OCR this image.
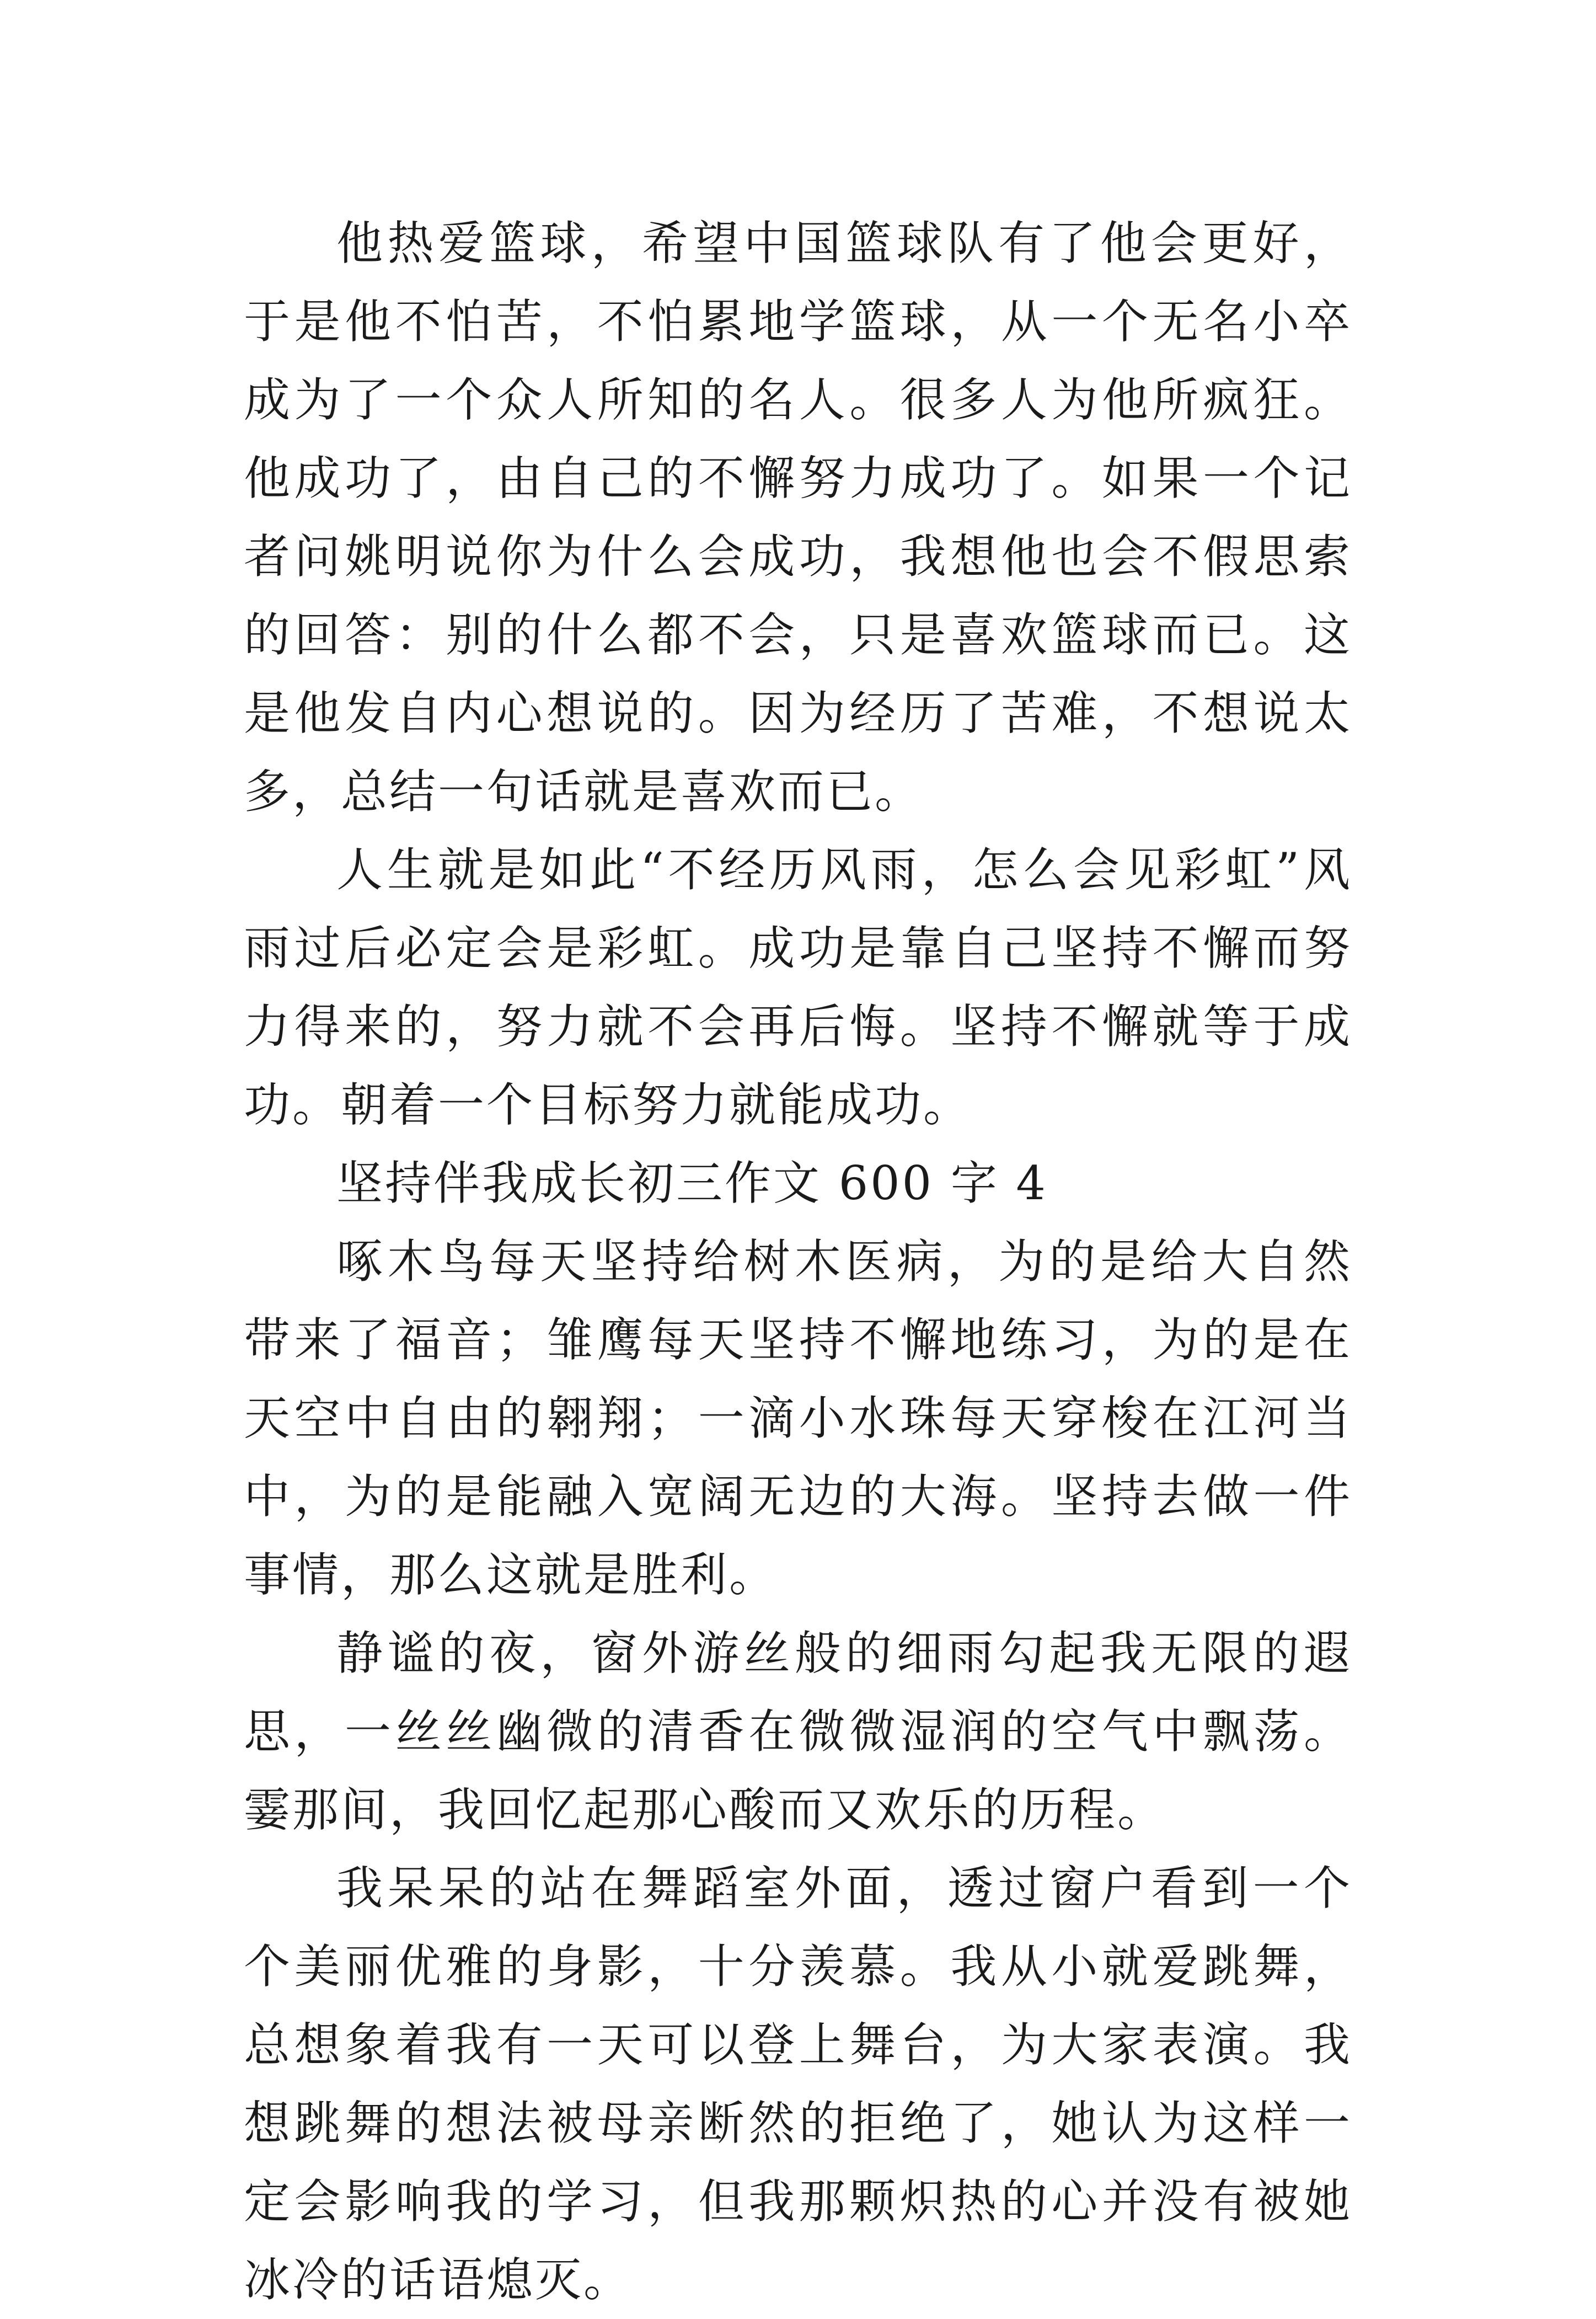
他热爱篮球，希望中国篮球队有了他会更好，于是他不怕苦，不怕累地学篮球，从一个无名小卒成为了一个众人所知的名人。很多人为他所疯狂。他成功了，由自己的不懈努力成功了。如果一个记者问姚明说你为什么会成功，我想他也会不假思索的回答：别的什么都不会，只是喜欢篮球而已。这是他发自内心想说的。因为经历了苦难，不想说太多，总结一句话就是喜欢而已。

人生就是如此“不经历风雨，怎么会见彩虹”风雨过后必定会是彩虹。成功是靠自己坚持不懈而努力得来的，努力就不会再后悔。坚持不懈就等于成功。朝着一个目标努力就能成功。

坚持伴我成长初三作文 600 字 4

啄木鸟每天坚持给树木医病，为的是给大自然带来了福音；雏鹰每天坚持不懈地练习，为的是在天空中自由的翱翔；一滴小水珠每天穿梭在江河当中，为的是能融入宽阔无边的大海。坚持去做一件事情，那么这就是胜利。

静谧的夜，窗外游丝般的细雨勾起我无限的遐思，一丝丝幽微的清香在微微湿润的空气中飘荡。霎那间，我回忆起那心酸而又欢乐的历程。

我呆呆的站在舞蹈室外面，透过窗户看到一个个美丽优雅的身影，十分羡慕。我从小就爱跳舞，总想象着我有一天可以登上舞台，为大家表演。我想跳舞的想法被母亲断然的拒绝了，她认为这样一定会影响我的学习，但我那颗炽热的心并没有被她冰冷的话语熄灭。
